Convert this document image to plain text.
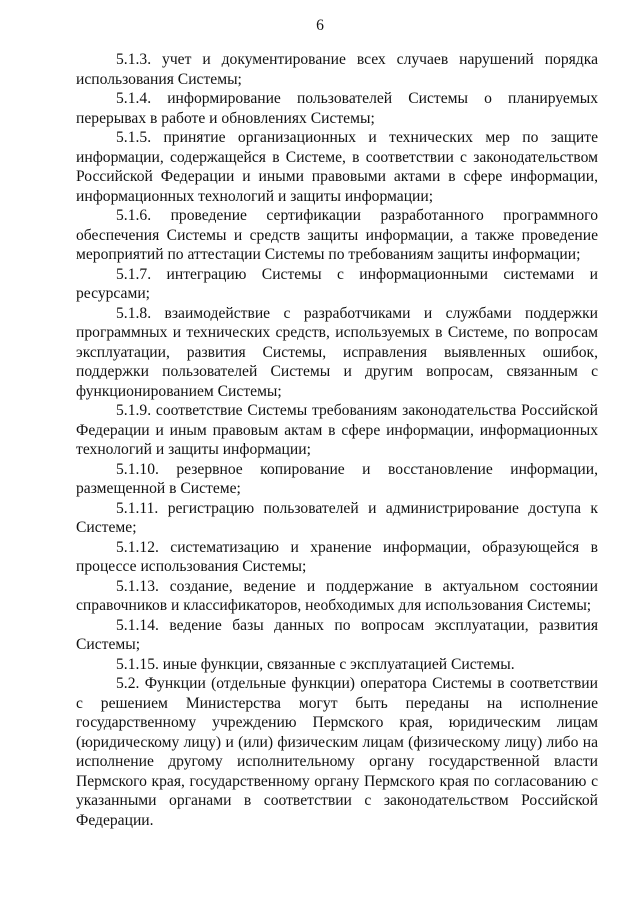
6

5.1.3. учет и документирование всех случаев нарушений порядка использования Системы;

5.1.4. информирование пользователей Системы о планируемых перерывах в работе и обновлениях Системы;

5.1.5. принятие организационных и технических мер по защите информации, содержащейся в Системе, в соответствии с законодательством Российской Федерации и иными правовыми актами в сфере информации, информационных технологий и защиты информации;

5.1.6. проведение сертификации разработанного программного обеспечения Системы и средств защиты информации, а также проведение мероприятий по аттестации Системы по требованиям защиты информации;

5.1.7. интеграцию Системы с информационными системами и ресурсами;

5.1.8. взаимодействие с разработчиками и службами поддержки программных и технических средств, используемых в Системе, по вопросам эксплуатации, развития Системы, исправления выявленных ошибок, поддержки пользователей Системы и другим вопросам, связанным с функционированием Системы;

5.1.9. соответствие Системы требованиям законодательства Российской Федерации и иным правовым актам в сфере информации, информационных технологий и защиты информации;

5.1.10. резервное копирование и восстановление информации, размещенной в Системе;

5.1.11. регистрацию пользователей и администрирование доступа к Системе;

5.1.12. систематизацию и хранение информации, образующейся в процессе использования Системы;

5.1.13. создание, ведение и поддержание в актуальном состоянии справочников и классификаторов, необходимых для использования Системы;

5.1.14. ведение базы данных по вопросам эксплуатации, развития Системы;

5.1.15. иные функции, связанные с эксплуатацией Системы.

5.2. Функции (отдельные функции) оператора Системы в соответствии с решением Министерства могут быть переданы на исполнение государственному учреждению Пермского края, юридическим лицам (юридическому лицу) и (или) физическим лицам (физическому лицу) либо на исполнение другому исполнительному органу государственной власти Пермского края, государственному органу Пермского края по согласованию с указанными органами в соответствии с законодательством Российской Федерации.
